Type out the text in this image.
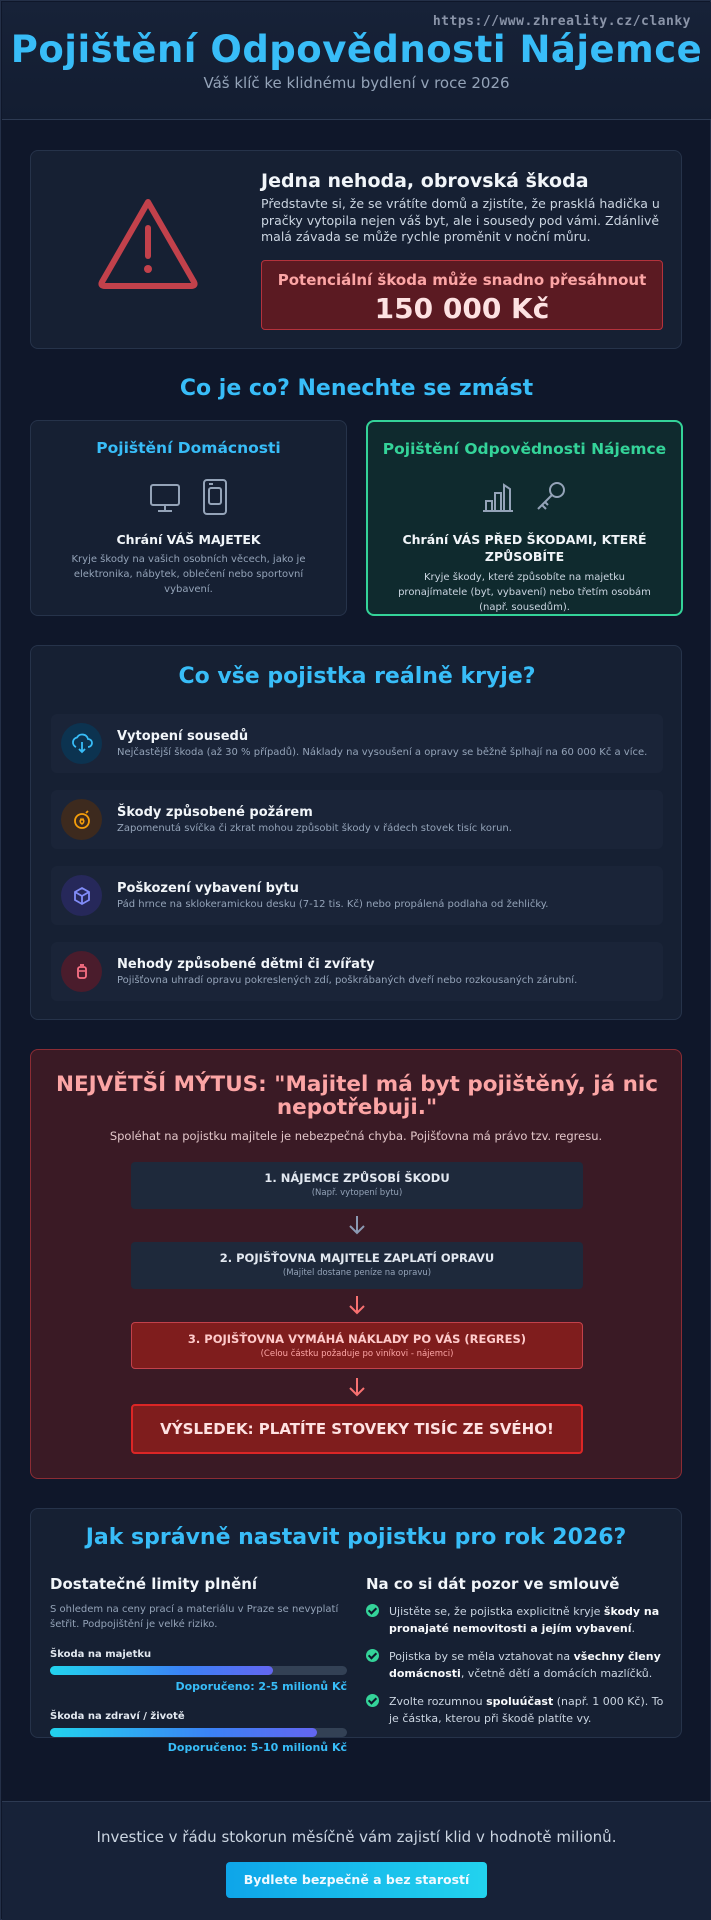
https://www.zhreality.cz/clanky
Pojištění Odpovědnosti Nájemce
Váš klíč ke klidnému bydlení v roce 2026
Jedna nehoda, obrovská škoda

Představte si, že se vrátíte domů a zjistíte, že prasklá hadička u pračky vytopila nejen váš byt, ale i sousedy pod vámi. Zdánlivě malá závada se může rychle proměnit v noční můru.

Potenciální škoda může snadno přesáhnout
150 000 Kč
Co je co? Nenechte se zmást
Pojištění Domácnosti

Chrání VÁŠ MAJETEK

Kryje škody na vašich osobních věcech, jako je elektronika, nábytek, oblečení nebo sportovní vybavení.

Pojištění Odpovědnosti Nájemce

Chrání VÁS PŘED ŠKODAMI, KTERÉ ZPŮSOBÍTE

Kryje škody, které způsobíte na majetku pronajímatele (byt, vybavení) nebo třetím osobám (např. sousedům).

Co vše pojistka reálně kryje?
Vytopení sousedů
Nejčastější škoda (až 30 % případů). Náklady na vysoušení a opravy se běžně šplhají na 60 000 Kč a více.
Škody způsobené požárem
Zapomenutá svíčka či zkrat mohou způsobit škody v řádech stovek tisíc korun.
Poškození vybavení bytu
Pád hrnce na sklokeramickou desku (7-12 tis. Kč) nebo propálená podlaha od žehličky.
Nehody způsobené dětmi či zvířaty
Pojišťovna uhradí opravu pokreslených zdí, poškrábaných dveří nebo rozkousaných zárubní.
NEJVĚTŠÍ MÝTUS: "Majitel má byt pojištěný, já nic nepotřebuji."
Spoléhat na pojistku majitele je nebezpečná chyba. Pojišťovna má právo tzv. regresu.
1. NÁJEMCE ZPŮSOBÍ ŠKODU
(Např. vytopení bytu)
2. POJIŠŤOVNA MAJITELE ZAPLATÍ OPRAVU
(Majitel dostane peníze na opravu)
3. POJIŠŤOVNA VYMÁHÁ NÁKLADY PO VÁS (REGRES)
(Celou částku požaduje po viníkovi - nájemci)
VÝSLEDEK: PLATÍTE STOVEKY TISÍC ZE SVÉHO!
Jak správně nastavit pojistku pro rok 2026?
Dostatečné limity plnění
S ohledem na ceny prací a materiálu v Praze se nevyplatí šetřit. Podpojištění je velké riziko.
Škoda na majetku
Doporučeno: 2-5 milionů Kč
Škoda na zdraví / životě
Doporučeno: 5-10 milionů Kč
Na co si dát pozor ve smlouvě
Ujistěte se, že pojistka explicitně kryje škody na pronajaté nemovitosti a jejím vybavení.
Pojistka by se měla vztahovat na všechny členy domácnosti, včetně dětí a domácích mazlíčků.
Zvolte rozumnou spoluúčast (např. 1 000 Kč). To je částka, kterou při škodě platíte vy.
Investice v řádu stokorun měsíčně vám zajistí klid v hodnotě milionů.
Bydlete bezpečně a bez starostí
